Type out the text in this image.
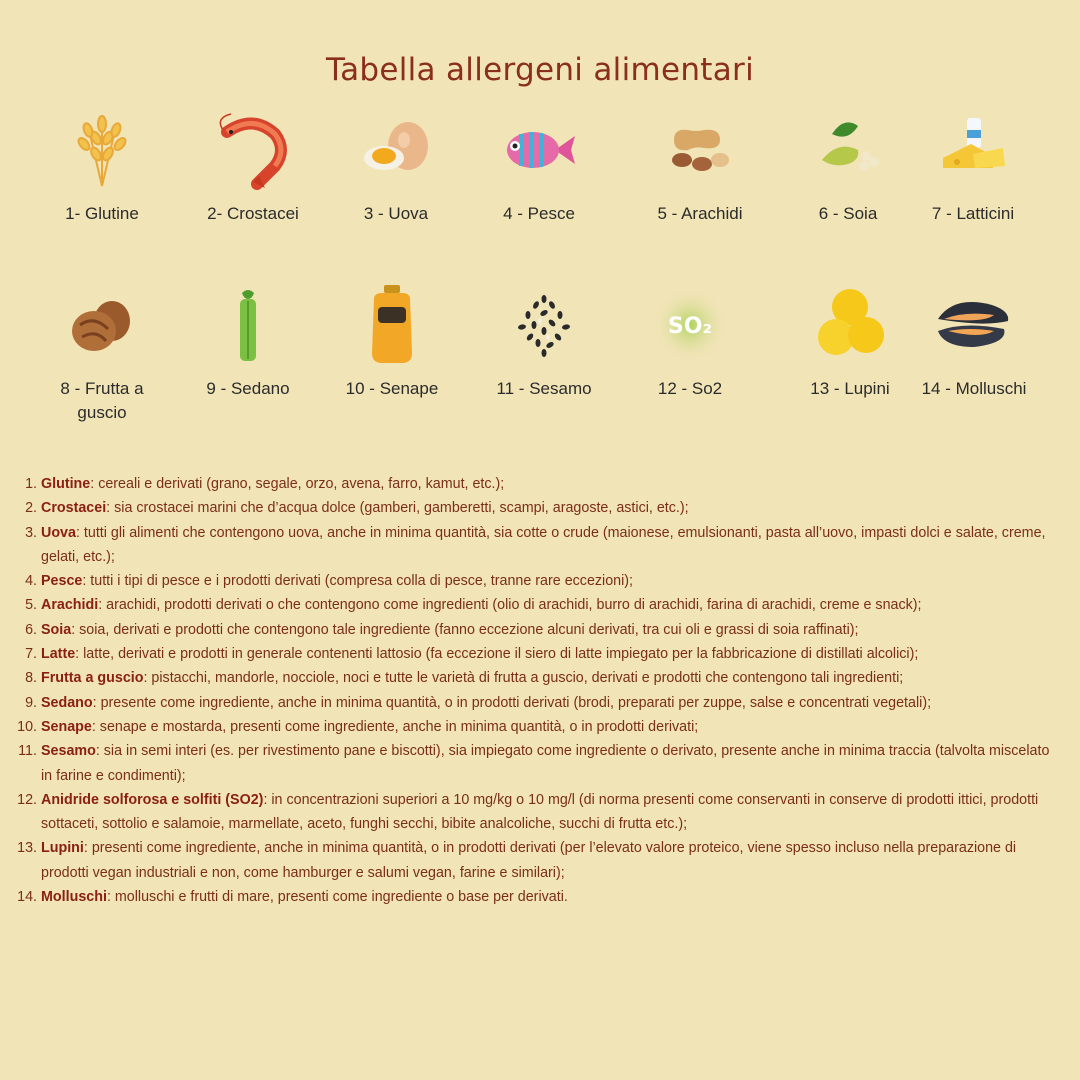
Tabella allergeni alimentari
1- Glutine	2- Crostacei	3 - Uova	4 - Pesce	5 - Arachidi	6 - Soia	7 - Latticini
8 - Frutta a guscio
9 - Sedano	10 - Senape	11 - Sesamo
SO₂
12 - So2	13 - Lupini	14 - Molluschi
1. Glutine: cereali e derivati (grano, segale, orzo, avena, farro, kamut, etc.);
2. Crostacei: sia crostacei marini che d’acqua dolce (gamberi, gamberetti, scampi, aragoste, astici, etc.);
3. Uova: tutti gli alimenti che contengono uova, anche in minima quantità, sia cotte o crude (maionese, emulsionanti, pasta all’uovo, impasti dolci e salate, creme, gelati, etc.);
4. Pesce: tutti i tipi di pesce e i prodotti derivati (compresa colla di pesce, tranne rare eccezioni);
5. Arachidi: arachidi, prodotti derivati o che contengono come ingredienti (olio di arachidi, burro di arachidi, farina di arachidi, creme e snack);
6. Soia: soia, derivati e prodotti che contengono tale ingrediente (fanno eccezione alcuni derivati, tra cui oli e grassi di soia raffinati);
7. Latte: latte, derivati e prodotti in generale contenenti lattosio (fa eccezione il siero di latte impiegato per la fabbricazione di distillati alcolici);
8. Frutta a guscio: pistacchi, mandorle, nocciole, noci e tutte le varietà di frutta a guscio, derivati e prodotti che contengono tali ingredienti;
9. Sedano: presente come ingrediente, anche in minima quantità, o in prodotti derivati (brodi, preparati per zuppe, salse e concentrati vegetali);
10. Senape: senape e mostarda, presenti come ingrediente, anche in minima quantità, o in prodotti derivati;
11. Sesamo: sia in semi interi (es. per rivestimento pane e biscotti), sia impiegato come ingrediente o derivato, presente anche in minima traccia (talvolta miscelato in farine e condimenti);
12. Anidride solforosa e solfiti (SO2): in concentrazioni superiori a 10 mg/kg o 10 mg/l (di norma presenti come conservanti in conserve di prodotti ittici, prodotti sottaceti, sottolio e salamoie, marmellate, aceto, funghi secchi, bibite analcoliche, succhi di frutta etc.);
13. Lupini: presenti come ingrediente, anche in minima quantità, o in prodotti derivati (per l’elevato valore proteico, viene spesso incluso nella preparazione di prodotti vegan industriali e non, come hamburger e salumi vegan, farine e similari);
14. Molluschi: molluschi e frutti di mare, presenti come ingrediente o base per derivati.
